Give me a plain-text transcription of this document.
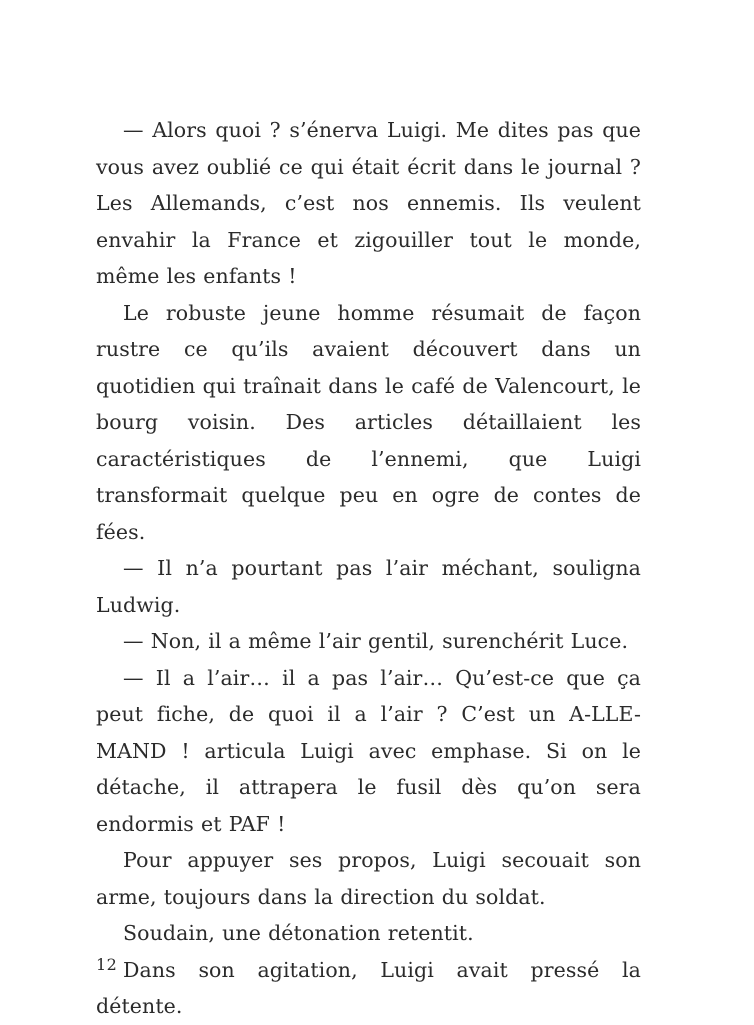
— Alors quoi ? s’énerva Luigi. Me dites pas que vous avez oublié ce qui était écrit dans le journal ? Les Allemands, c’est nos ennemis. Ils veulent envahir la France et zigouiller tout le monde, même les enfants !

Le robuste jeune homme résumait de façon rustre ce qu’ils avaient découvert dans un quotidien qui traînait dans le café de Valencourt, le bourg voisin. Des articles détaillaient les caractéristiques de l’ennemi, que Luigi transformait quelque peu en ogre de contes de fées.

— Il n’a pourtant pas l’air méchant, souligna Ludwig.

— Non, il a même l’air gentil, surenchérit Luce.

— Il a l’air… il a pas l’air… Qu’est-ce que ça peut fiche, de quoi il a l’air ? C’est un A-LLE-MAND ! articula Luigi avec emphase. Si on le détache, il attrapera le fusil dès qu’on sera endormis et PAF !

Pour appuyer ses propos, Luigi secouait son arme, toujours dans la direction du soldat.

Soudain, une détonation retentit.

Dans son agitation, Luigi avait pressé la détente.

12
